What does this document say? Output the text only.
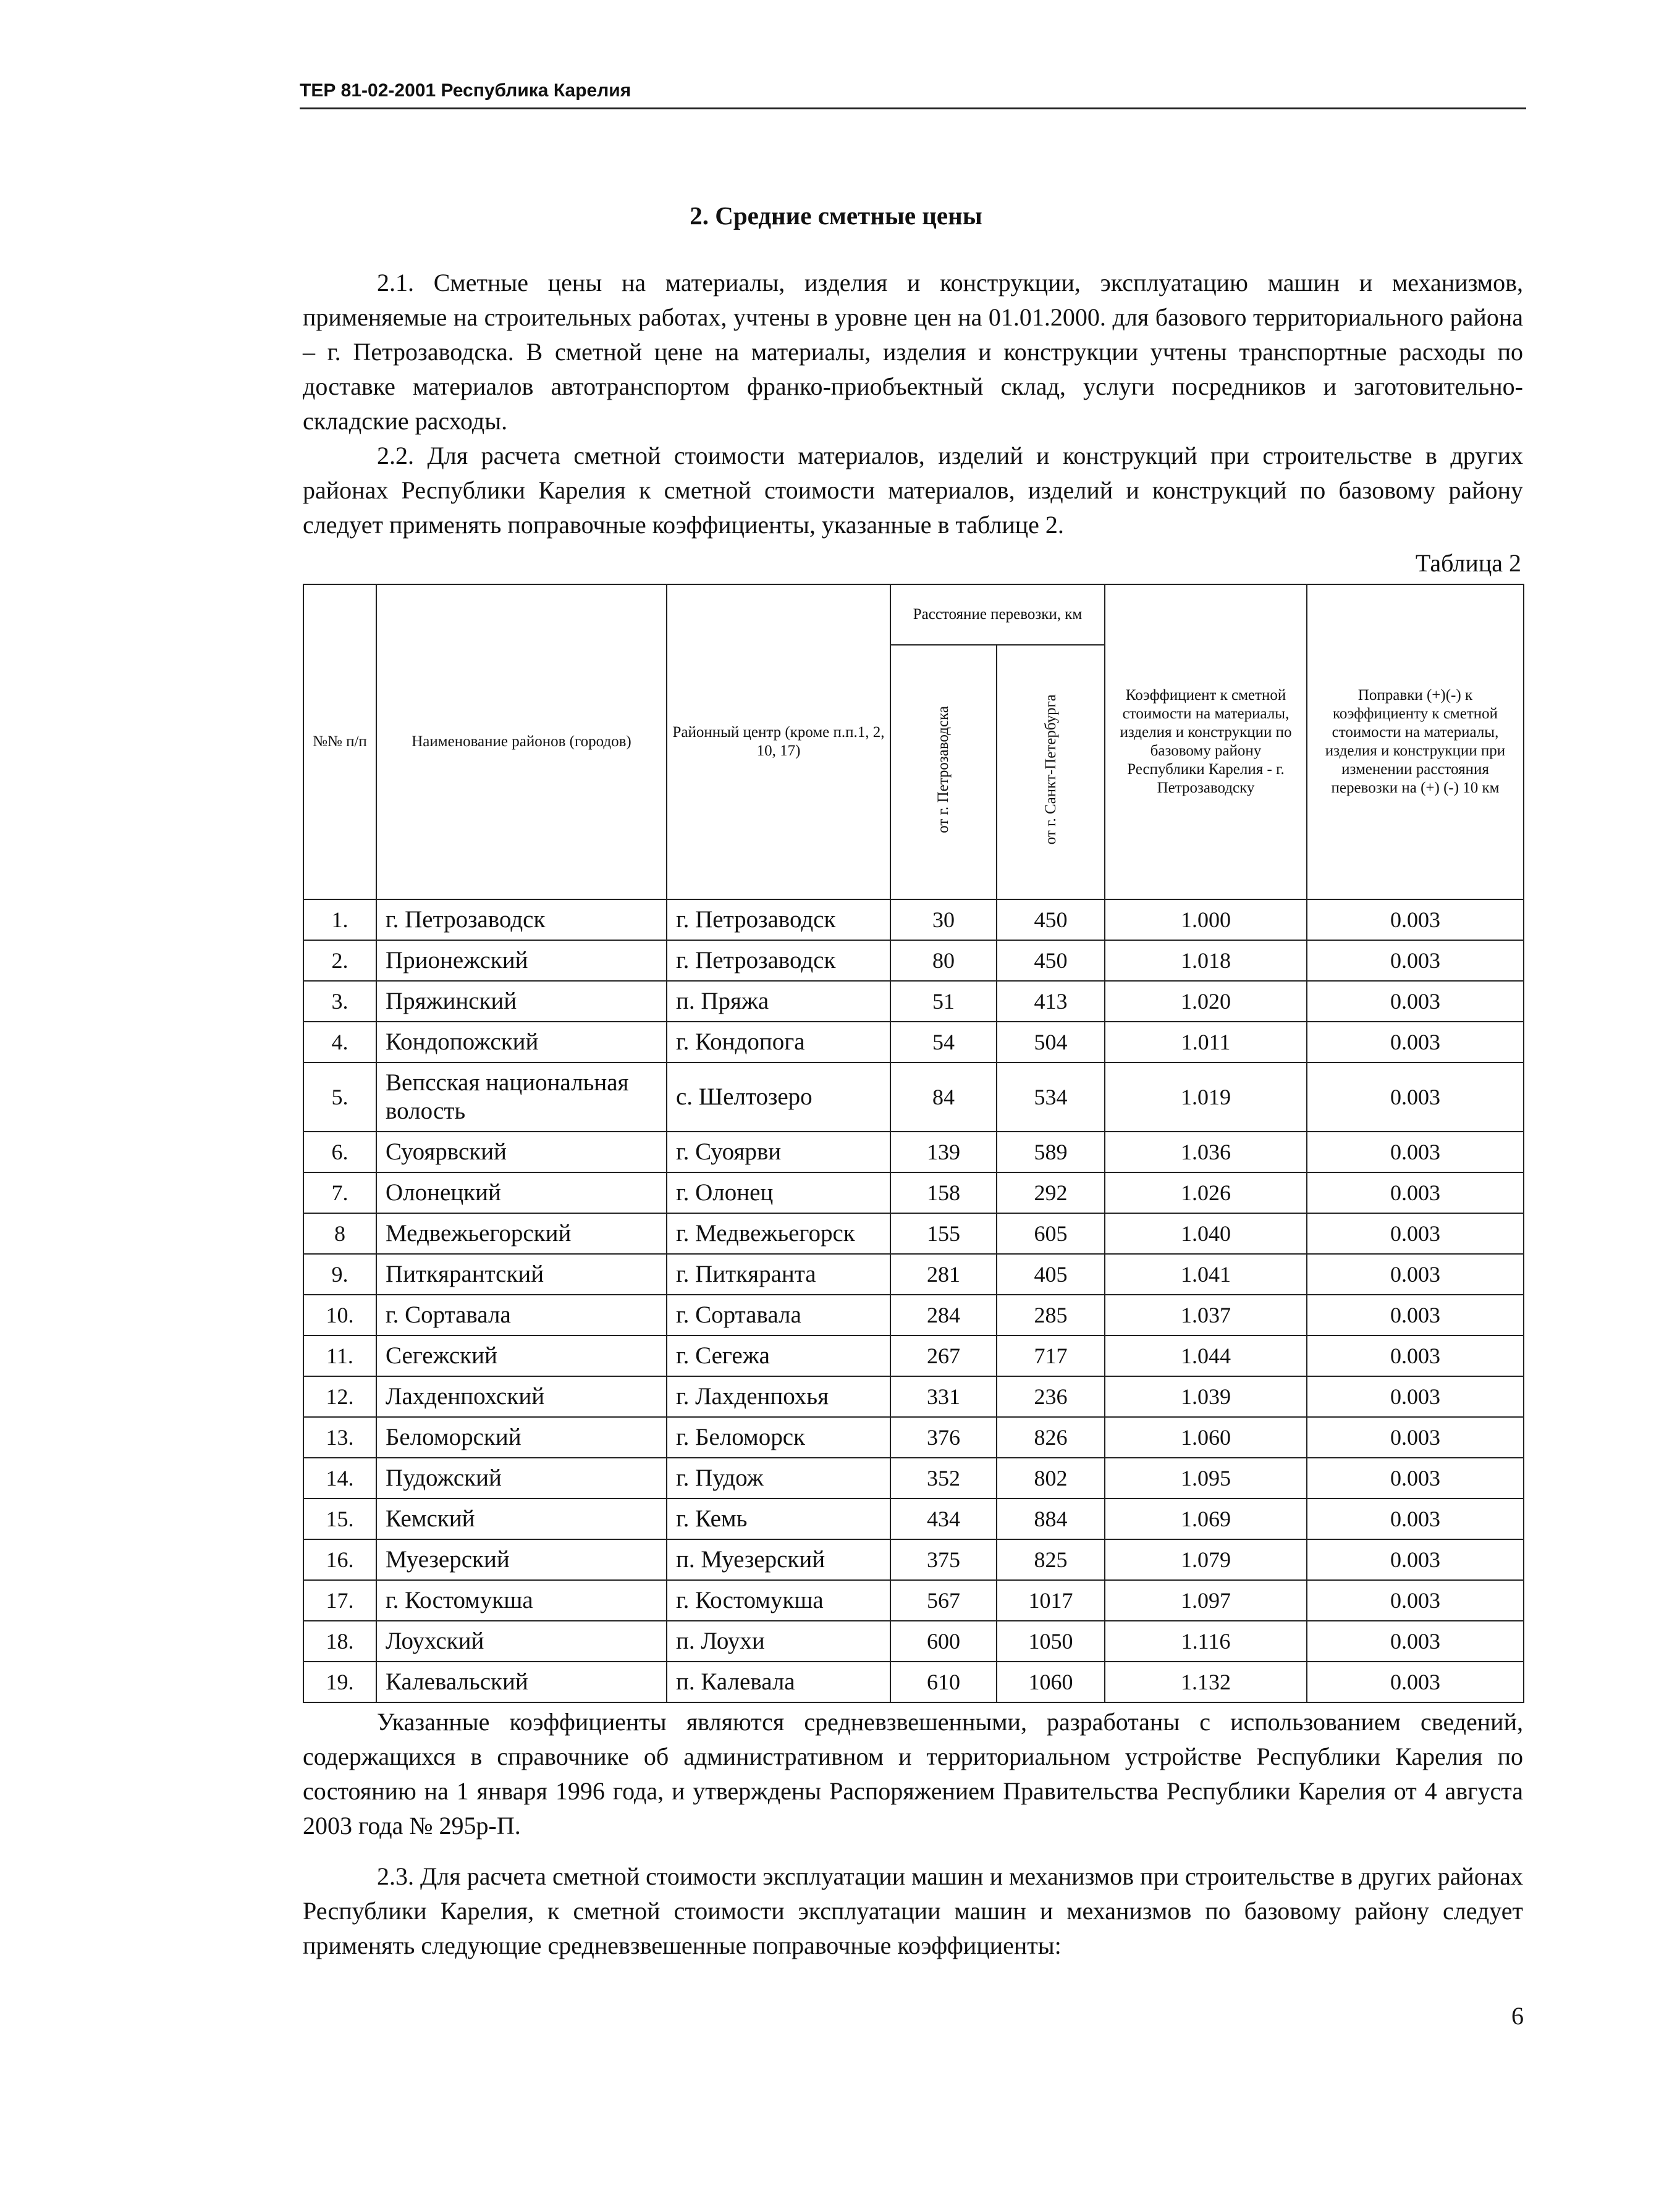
ТЕР 81-02-2001 Республика Карелия
2. Средние сметные цены

2.1. Сметные цены на материалы, изделия и конструкции, эксплуатацию машин и механизмов, применяемые на строительных работах, учтены в уровне цен на 01.01.2000. для базового территориального района – г. Петрозаводска. В сметной цене на материалы, изделия и конструкции учтены транспортные расходы по доставке материалов автотранспортом франко-приобъектный склад, услуги посредников и заготовительно-складские расходы.

2.2. Для расчета сметной стоимости материалов, изделий и конструкций при строительстве в других районах Республики Карелия к сметной стоимости материалов, изделий и конструкций по базовому району следует применять поправочные коэффициенты, указанные в таблице 2.

Таблица 2
№№ п/п	Наименование районов (городов)	Районный центр (кроме п.п.1, 2, 10, 17)	Расстояние перевозки, км		Коэффициент к сметной стоимости на материалы, изделия и конструкции по базовому району Республики Карелия - г. Петрозаводску	Поправки (+)(-) к коэффициенту к сметной стоимости на материалы, изделия и конструкции при изменении расстояния перевозки на (+) (-) 10 км
			от г. Петрозаводска	от г. Санкт-Петербурга		
1.	г. Петрозаводск	г. Петрозаводск	30	450	1.000	0.003
2.	Прионежский	г. Петрозаводск	80	450	1.018	0.003
3.	Пряжинский	п. Пряжа	51	413	1.020	0.003
4.	Кондопожский	г. Кондопога	54	504	1.011	0.003
5.	Вепсская национальная волость	с. Шелтозеро	84	534	1.019	0.003
6.	Суоярвский	г. Суоярви	139	589	1.036	0.003
7.	Олонецкий	г. Олонец	158	292	1.026	0.003
8	Медвежьегорский	г. Медвежьегорск	155	605	1.040	0.003
9.	Питкярантский	г. Питкяранта	281	405	1.041	0.003
10.	г. Сортавала	г. Сортавала	284	285	1.037	0.003
11.	Сегежский	г. Сегежа	267	717	1.044	0.003
12.	Лахденпохский	г. Лахденпохья	331	236	1.039	0.003
13.	Беломорский	г. Беломорск	376	826	1.060	0.003
14.	Пудожский	г. Пудож	352	802	1.095	0.003
15.	Кемский	г. Кемь	434	884	1.069	0.003
16.	Муезерский	п. Муезерский	375	825	1.079	0.003
17.	г. Костомукша	г. Костомукша	567	1017	1.097	0.003
18.	Лоухский	п. Лоухи	600	1050	1.116	0.003
19.	Калевальский	п. Калевала	610	1060	1.132	0.003

Указанные коэффициенты являются средневзвешенными, разработаны с использованием сведений, содержащихся в справочнике об административном и территориальном устройстве Республики Карелия по состоянию на 1 января 1996 года, и утверждены Распоряжением Правительства Республики Карелия от 4 августа 2003 года № 295р-П.

2.3. Для расчета сметной стоимости эксплуатации машин и механизмов при строительстве в других районах Республики Карелия, к сметной стоимости эксплуатации машин и механизмов по базовому району следует применять следующие средневзвешенные поправочные коэффициенты:

6
